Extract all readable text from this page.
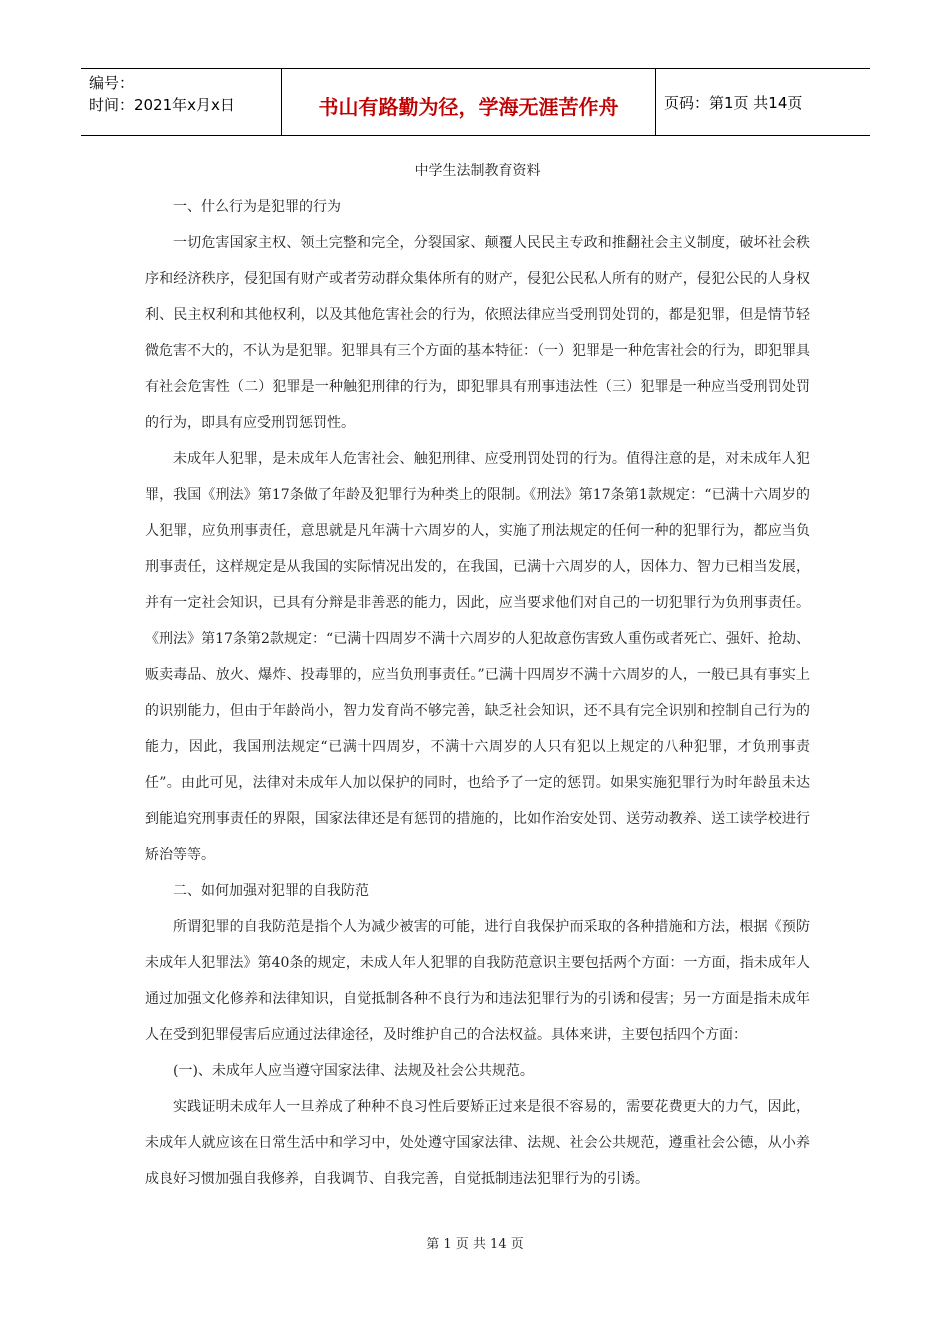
编号：
时间：2021年x月x日	书山有路勤为径，学海无涯苦作舟	页码：第1页 共14页

中学生法制教育资料

一、什么行为是犯罪的行为

一切危害国家主权、领土完整和完全，分裂国家、颠覆人民民主专政和推翻社会主义制度，破坏社会秩序和经济秩序，侵犯国有财产或者劳动群众集体所有的财产，侵犯公民私人所有的财产，侵犯公民的人身权利、民主权利和其他权利，以及其他危害社会的行为，依照法律应当受刑罚处罚的，都是犯罪，但是情节轻微危害不大的，不认为是犯罪。犯罪具有三个方面的基本特征：（一）犯罪是一种危害社会的行为，即犯罪具有社会危害性（二）犯罪是一种触犯刑律的行为，即犯罪具有刑事违法性（三）犯罪是一种应当受刑罚处罚的行为，即具有应受刑罚惩罚性。

未成年人犯罪，是未成年人危害社会、触犯刑律、应受刑罚处罚的行为。值得注意的是，对未成年人犯罪，我国《刑法》第17条做了年龄及犯罪行为种类上的限制。《刑法》第17条第1款规定：“已满十六周岁的人犯罪，应负刑事责任，意思就是凡年满十六周岁的人，实施了刑法规定的任何一种的犯罪行为，都应当负刑事责任，这样规定是从我国的实际情况出发的，在我国，已满十六周岁的人，因体力、智力已相当发展，并有一定社会知识，已具有分辩是非善恶的能力，因此，应当要求他们对自己的一切犯罪行为负刑事责任。《刑法》第17条第2款规定：“已满十四周岁不满十六周岁的人犯故意伤害致人重伤或者死亡、强奸、抢劫、贩卖毒品、放火、爆炸、投毒罪的，应当负刑事责任。”已满十四周岁不满十六周岁的人，一般已具有事实上的识别能力，但由于年龄尚小，智力发育尚不够完善，缺乏社会知识，还不具有完全识别和控制自己行为的能力，因此，我国刑法规定“已满十四周岁，不满十六周岁的人只有犯以上规定的八种犯罪，才负刑事责任”。由此可见，法律对未成年人加以保护的同时，也给予了一定的惩罚。如果实施犯罪行为时年龄虽未达到能追究刑事责任的界限，国家法律还是有惩罚的措施的，比如作治安处罚、送劳动教养、送工读学校进行矫治等等。

二、如何加强对犯罪的自我防范

所谓犯罪的自我防范是指个人为减少被害的可能，进行自我保护而采取的各种措施和方法，根据《预防未成年人犯罪法》第40条的规定，未成人年人犯罪的自我防范意识主要包括两个方面：一方面，指未成年人通过加强文化修养和法律知识，自觉抵制各种不良行为和违法犯罪行为的引诱和侵害；另一方面是指未成年人在受到犯罪侵害后应通过法律途径，及时维护自己的合法权益。具体来讲，主要包括四个方面：

(一)、未成年人应当遵守国家法律、法规及社会公共规范。

实践证明未成年人一旦养成了种种不良习性后要矫正过来是很不容易的，需要花费更大的力气，因此，未成年人就应该在日常生活中和学习中，处处遵守国家法律、法规、社会公共规范，遵重社会公德，从小养成良好习惯加强自我修养，自我调节、自我完善，自觉抵制违法犯罪行为的引诱。

第 1 页 共 14 页
